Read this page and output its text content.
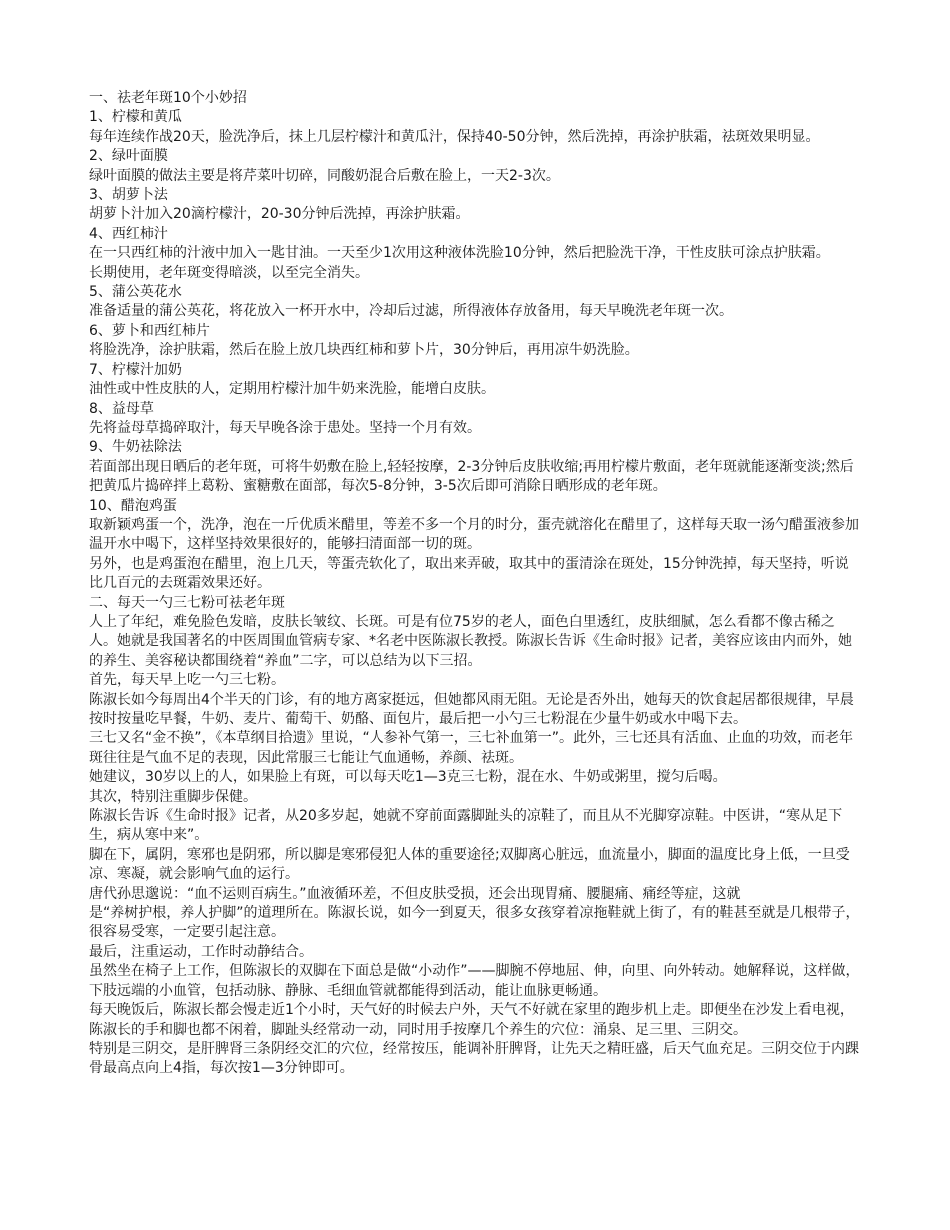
一、祛老年斑10个小妙招

1、柠檬和黄瓜

每年连续作战20天，脸洗净后，抹上几层柠檬汁和黄瓜汁，保持40-50分钟，然后洗掉，再涂护肤霜，祛斑效果明显。

2、绿叶面膜

绿叶面膜的做法主要是将芹菜叶切碎，同酸奶混合后敷在脸上，一天2-3次。

3、胡萝卜法

胡萝卜汁加入20滴柠檬汁，20-30分钟后洗掉，再涂护肤霜。

4、西红柿汁

在一只西红柿的汁液中加入一匙甘油。一天至少1次用这种液体洗脸10分钟，然后把脸洗干净，干性皮肤可涂点护肤霜。

长期使用，老年斑变得暗淡，以至完全消失。

5、蒲公英花水

准备适量的蒲公英花，将花放入一杯开水中，冷却后过滤，所得液体存放备用，每天早晚洗老年斑一次。

6、萝卜和西红柿片

将脸洗净，涂护肤霜，然后在脸上放几块西红柿和萝卜片，30分钟后，再用凉牛奶洗脸。

7、柠檬汁加奶

油性或中性皮肤的人，定期用柠檬汁加牛奶来洗脸，能增白皮肤。

8、益母草

先将益母草捣碎取汁，每天早晚各涂于患处。坚持一个月有效。

9、牛奶祛除法

若面部出现日晒后的老年斑，可将牛奶敷在脸上,轻轻按摩，2-3分钟后皮肤收缩;再用柠檬片敷面，老年斑就能逐渐变淡;然后把黄瓜片捣碎拌上葛粉、蜜糖敷在面部，每次5-8分钟，3-5次后即可消除日晒形成的老年斑。

10、醋泡鸡蛋

取新颖鸡蛋一个，洗净，泡在一斤优质米醋里，等差不多一个月的时分，蛋壳就溶化在醋里了，这样每天取一汤勺醋蛋液参加温开水中喝下，这样坚持效果很好的，能够扫清面部一切的斑。

另外，也是鸡蛋泡在醋里，泡上几天，等蛋壳软化了，取出来弄破，取其中的蛋清涂在斑处，15分钟洗掉，每天坚持，听说比几百元的去斑霜效果还好。

二、每天一勺三七粉可祛老年斑

人上了年纪，难免脸色发暗，皮肤长皱纹、长斑。可是有位75岁的老人，面色白里透红，皮肤细腻，怎么看都不像古稀之人。她就是我国著名的中医周围血管病专家、*名老中医陈淑长教授。陈淑长告诉《生命时报》记者，美容应该由内而外，她的养生、美容秘诀都围绕着“养血”二字，可以总结为以下三招。

首先，每天早上吃一勺三七粉。

陈淑长如今每周出4个半天的门诊，有的地方离家挺远，但她都风雨无阻。无论是否外出，她每天的饮食起居都很规律，早晨按时按量吃早餐，牛奶、麦片、葡萄干、奶酪、面包片，最后把一小勺三七粉混在少量牛奶或水中喝下去。

三七又名“金不换”，《本草纲目拾遗》里说，“人参补气第一，三七补血第一”。此外，三七还具有活血、止血的功效，而老年斑往往是气血不足的表现，因此常服三七能让气血通畅，养颜、祛斑。

她建议，30岁以上的人，如果脸上有斑，可以每天吃1—3克三七粉，混在水、牛奶或粥里，搅匀后喝。

其次，特别注重脚步保健。

陈淑长告诉《生命时报》记者，从20多岁起，她就不穿前面露脚趾头的凉鞋了，而且从不光脚穿凉鞋。中医讲，“寒从足下生，病从寒中来”。

脚在下，属阴，寒邪也是阴邪，所以脚是寒邪侵犯人体的重要途径;双脚离心脏远，血流量小，脚面的温度比身上低，一旦受凉、寒凝，就会影响气血的运行。

唐代孙思邈说：“血不运则百病生。”血液循环差，不但皮肤受损，还会出现胃痛、腰腿痛、痛经等症，这就

是“养树护根，养人护脚”的道理所在。陈淑长说，如今一到夏天，很多女孩穿着凉拖鞋就上街了，有的鞋甚至就是几根带子，很容易受寒，一定要引起注意。

最后，注重运动，工作时动静结合。

虽然坐在椅子上工作，但陈淑长的双脚在下面总是做“小动作”——脚腕不停地屈、伸，向里、向外转动。她解释说，这样做，下肢远端的小血管，包括动脉、静脉、毛细血管就都能得到活动，能让血脉更畅通。

每天晚饭后，陈淑长都会慢走近1个小时，天气好的时候去户外，天气不好就在家里的跑步机上走。即便坐在沙发上看电视，陈淑长的手和脚也都不闲着，脚趾头经常动一动，同时用手按摩几个养生的穴位：涌泉、足三里、三阴交。

特别是三阴交，是肝脾肾三条阴经交汇的穴位，经常按压，能调补肝脾肾，让先天之精旺盛，后天气血充足。三阴交位于内踝骨最高点向上4指，每次按1—3分钟即可。
